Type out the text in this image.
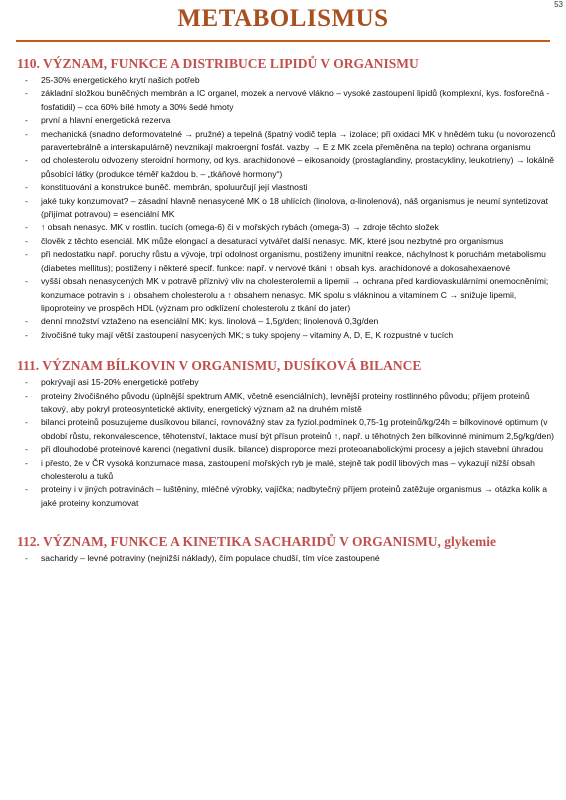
53
METABOLISMUS

110. VÝZNAM, FUNKCE A DISTRIBUCE LIPIDŮ V ORGANISMU

- 25-30% energetického krytí našich potřeb
- základní složkou buněčných membrán a IC organel, mozek a nervové vlákno – vysoké zastoupení lipidů (komplexní, kys. fosforečná - fosfatidil) – cca 60% bílé hmoty a 30% šedé hmoty
- první a hlavní energetická rezerva
- mechanická (snadno deformovatelné → pružné) a tepelná (špatný vodič tepla → izolace; při oxidaci MK v hnědém tuku (u novorozenců paravertebrálně a interskapulárně) nevznikají makroergní fosfát. vazby → E z MK zcela přeměněna na teplo) ochrana organismu
- od cholesterolu odvozeny steroidní hormony, od kys. arachidonové – eikosanoidy (prostaglandiny, prostacykliny, leukotrieny) → lokálně působící látky (produkce téměř každou b. – „tkáňové hormony“)
- konstituování a konstrukce buněč. membrán, spoluurčují její vlastnosti
- jaké tuky konzumovat? – zásadní hlavně nenasycené MK o 18 uhlících (linolova, α-linolenová), náš organismus je neumí syntetizovat (přijímat potravou) = esenciální MK
- ↑ obsah nenasyc. MK v rostlin. tucích (omega-6) či v mořských rybách (omega-3) → zdroje těchto složek
- člověk z těchto esenciál. MK může elongací a desaturací vytvářet další nenasyc. MK, které jsou nezbytné pro organismus
- při nedostatku např. poruchy růstu a vývoje, trpí odolnost organismu, postiženy imunitní reakce, náchylnost k poruchám metabolismu (diabetes mellitus); postiženy i některé specif. funkce: např. v nervové tkáni ↑ obsah kys. arachidonové a dokosahexaenové
- vyšší obsah nenasycených MK v potravě příznivý vliv na cholesterolemii a lipemii → ochrana před kardiovaskulárními onemocněními; konzumace potravin s ↓ obsahem cholesterolu a ↑ obsahem nenasyc. MK spolu s vlákninou a vitaminem C → snižuje lipemii, lipoproteiny ve prospěch HDL (význam pro odklízení cholesterolu z tkání do jater)
- denní množství vztaženo na esenciální MK: kys. linolová – 1,5g/den; linolenová 0,3g/den
- živočišné tuky mají větší zastoupení nasycených MK; s tuky spojeny – vitaminy A, D, E, K rozpustné v tucích

111. VÝZNAM BÍLKOVIN V ORGANISMU, DUSÍKOVÁ BILANCE

- pokrývají asi 15-20% energetické potřeby
- proteiny živočišného původu (úplnější spektrum AMK, včetně esenciálních), levnější proteiny rostlinného původu; příjem proteinů takový, aby pokryl proteosyntetické aktivity, energetický význam až na druhém místě
- bilanci proteinů posuzujeme dusíkovou bilancí, rovnovážný stav za fyziol.podmínek 0,75-1g proteinů/kg/24h = bílkovinové optimum (v období růstu, rekonvalescence, těhotenství, laktace musí být přísun proteinů ↑, např. u těhotných žen bílkovinné minimum 2,5g/kg/den)
- při dlouhodobé proteinové karenci (negativní dusík. bilance) disproporce mezi proteoanabolickými procesy a jejich stavební úhradou
- i přesto, že v ČR vysoká konzumace masa, zastoupení mořských ryb je malé, stejně tak podíl libových mas – vykazují nižší obsah cholesterolu a tuků
- proteiny i v jiných potravinách – luštěniny, mléčné výrobky, vajíčka; nadbytečný příjem proteinů zatěžuje organismus → otázka kolik a jaké proteiny konzumovat

112. VÝZNAM, FUNKCE A KINETIKA SACHARIDŮ V ORGANISMU, glykemie

- sacharidy – levné potraviny (nejnižší náklady), čím populace chudší, tím více zastoupené
